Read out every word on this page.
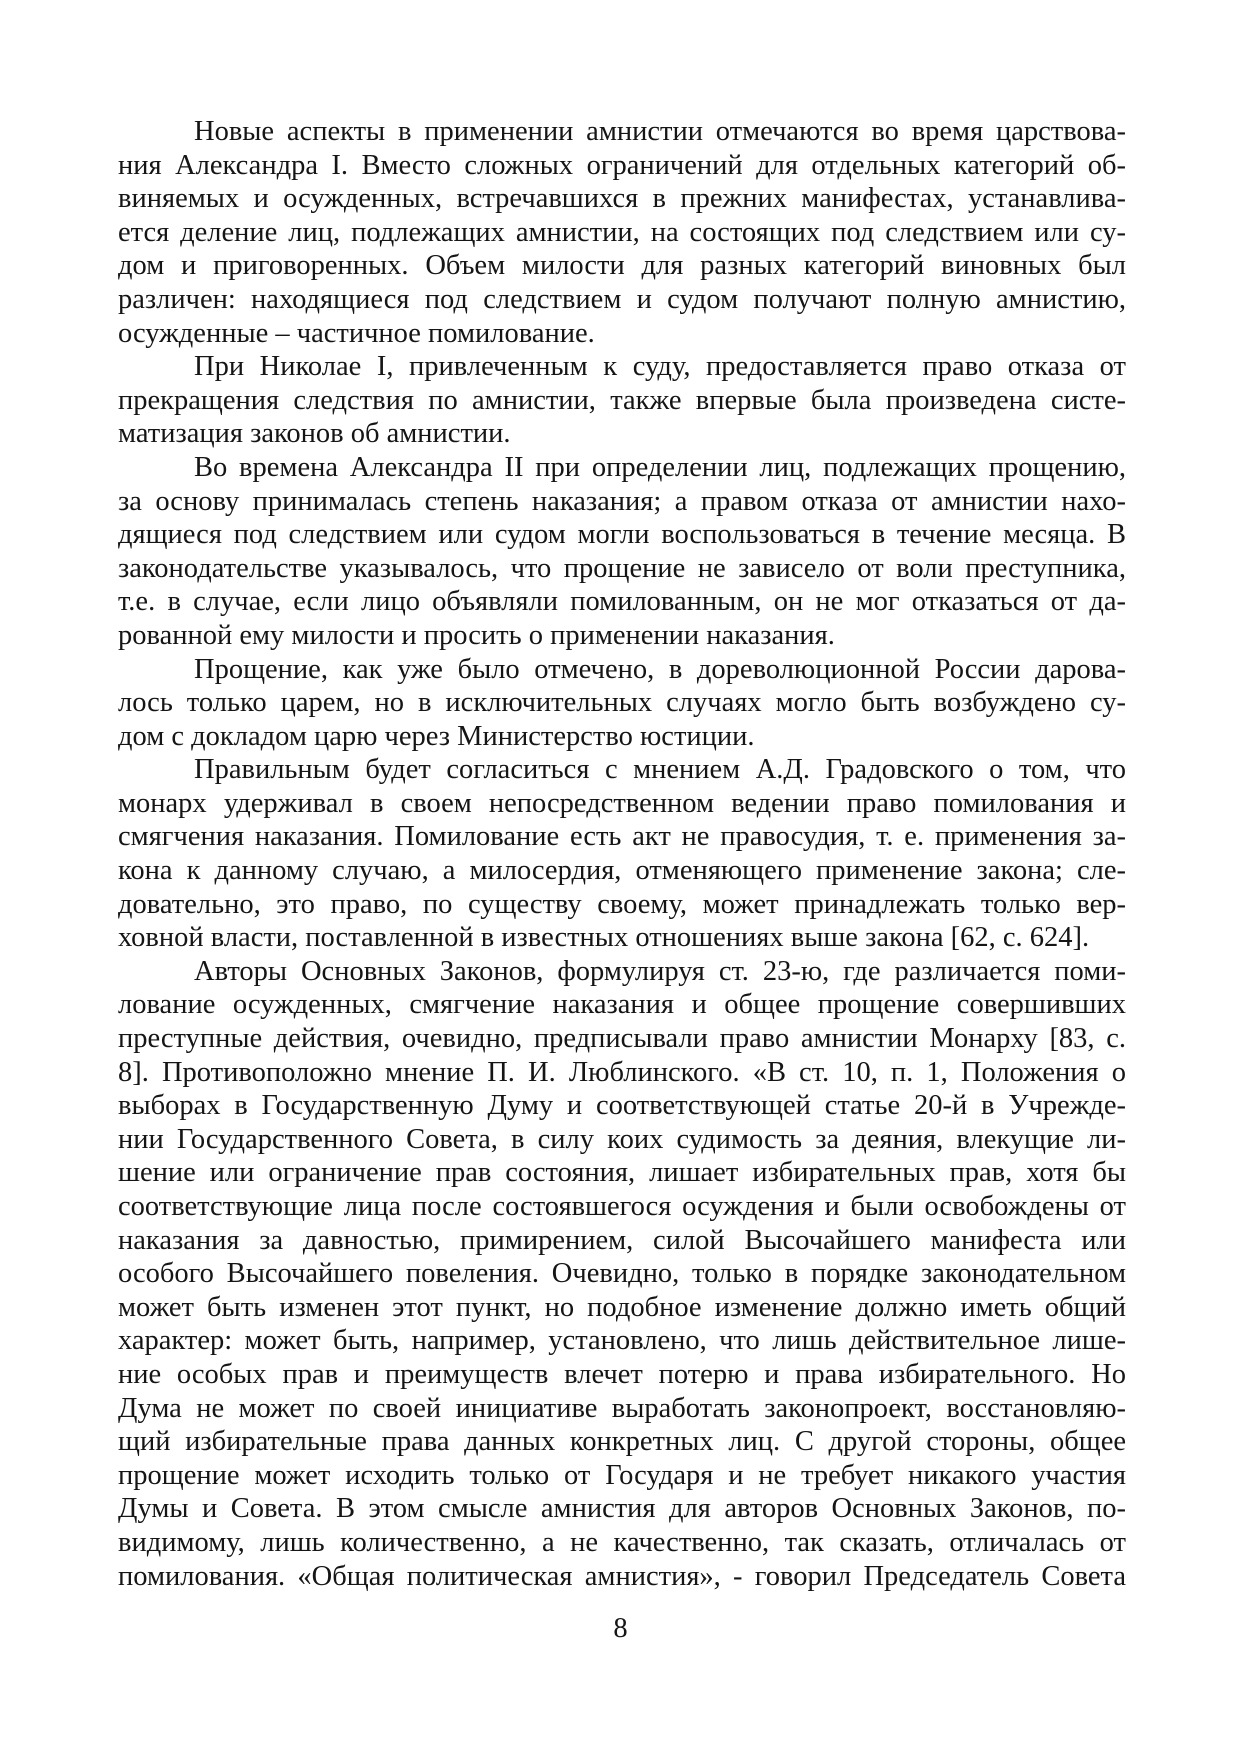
Новые аспекты в применении амнистии отмечаются во время царствова-
ния Александра I. Вместо сложных ограничений для отдельных категорий об-
виняемых и осужденных, встречавшихся в прежних манифестах, устанавлива-
ется деление лиц, подлежащих амнистии, на состоящих под следствием или су-
дом и приговоренных. Объем милости для разных категорий виновных был
различен: находящиеся под следствием и судом получают полную амнистию,
осужденные – частичное помилование.
При Николае I, привлеченным к суду, предоставляется право отказа от
прекращения следствия по амнистии, также впервые была произведена систе-
матизация законов об амнистии.
Во времена Александра II при определении лиц, подлежащих прощению,
за основу принималась степень наказания; а правом отказа от амнистии нахо-
дящиеся под следствием или судом могли воспользоваться в течение месяца. В
законодательстве указывалось, что прощение не зависело от воли преступника,
т.е. в случае, если лицо объявляли помилованным, он не мог отказаться от да-
рованной ему милости и просить о применении наказания.
Прощение, как уже было отмечено, в дореволюционной России дарова-
лось только царем, но в исключительных случаях могло быть возбуждено су-
дом с докладом царю через Министерство юстиции.
Правильным будет согласиться с мнением А.Д. Градовского о том, что
монарх удерживал в своем непосредственном ведении право помилования и
смягчения наказания. Помилование есть акт не правосудия, т. е. применения за-
кона к данному случаю, а милосердия, отменяющего применение закона; сле-
довательно, это право, по существу своему, может принадлежать только вер-
ховной власти, поставленной в известных отношениях выше закона [62, с. 624].
Авторы Основных Законов, формулируя ст. 23-ю, где различается поми-
лование осужденных, смягчение наказания и общее прощение совершивших
преступные действия, очевидно, предписывали право амнистии Монарху [83, с.
8]. Противоположно мнение П. И. Люблинского. «В ст. 10, п. 1, Положения о
выборах в Государственную Думу и соответствующей статье 20-й в Учрежде-
нии Государственного Совета, в силу коих судимость за деяния, влекущие ли-
шение или ограничение прав состояния, лишает избирательных прав, хотя бы
соответствующие лица после состоявшегося осуждения и были освобождены от
наказания за давностью, примирением, силой Высочайшего манифеста или
особого Высочайшего повеления. Очевидно, только в порядке законодательном
может быть изменен этот пункт, но подобное изменение должно иметь общий
характер: может быть, например, установлено, что лишь действительное лише-
ние особых прав и преимуществ влечет потерю и права избирательного. Но
Дума не может по своей инициативе выработать законопроект, восстановляю-
щий избирательные права данных конкретных лиц. С другой стороны, общее
прощение может исходить только от Государя и не требует никакого участия
Думы и Совета. В этом смысле амнистия для авторов Основных Законов, по-
видимому, лишь количественно, а не качественно, так сказать, отличалась от
помилования. «Общая политическая амнистия», - говорил Председатель Совета
8
